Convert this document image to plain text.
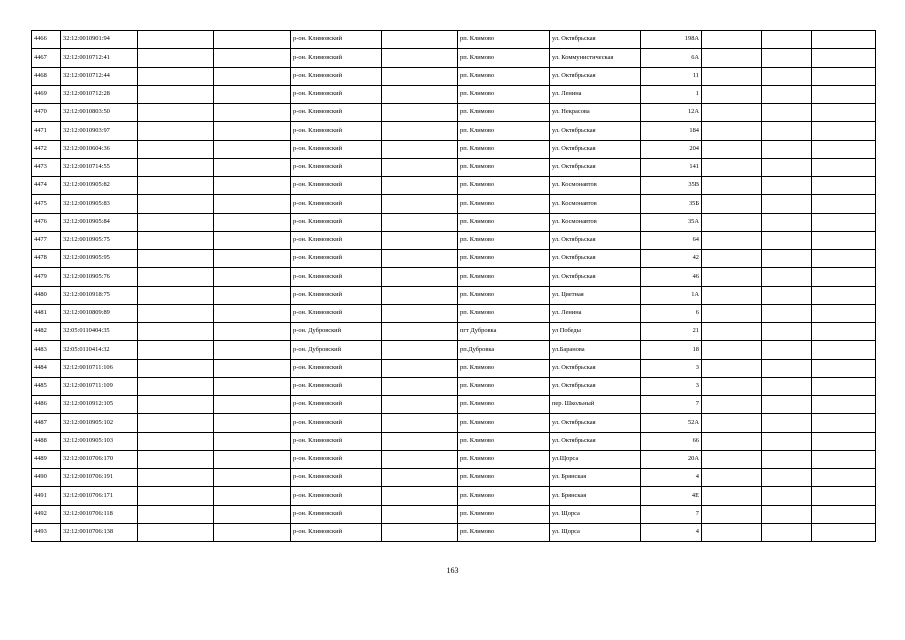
4466	32:12:0010901:94			р-он. Климовский		рп. Климово	ул. Октябрьская	198А			
4467	32:12:0010712:41			р-он. Климовский		рп. Климово	ул. Коммунистическая	6А			
4468	32:12:0010712:44			р-он. Климовский		рп. Климово	ул. Октябрьская	11			
4469	32:12:0010712:28			р-он. Климовский		рп. Климово	ул. Ленина	1			
4470	32:12:0010803:50			р-он. Климовский		рп. Климово	ул. Некрасова	12А			
4471	32:12:0010903:97			р-он. Климовский		рп. Климово	ул. Октябрьская	184			
4472	32:12:0010604:36			р-он. Климовский		рп. Климово	ул. Октябрьская	204			
4473	32:12:0010714:55			р-он. Климовский		рп. Климово	ул. Октябрьская	141			
4474	32:12:0010905:82			р-он. Климовский		рп. Климово	ул. Космонавтов	35В			
4475	32:12:0010905:83			р-он. Климовский		рп. Климово	ул. Космонавтов	35Б			
4476	32:12:0010905:84			р-он. Климовский		рп. Климово	ул. Космонавтов	35А			
4477	32:12:0010905:75			р-он. Климовский		рп. Климово	ул. Октябрьская	64			
4478	32:12:0010905:95			р-он. Климовский		рп. Климово	ул. Октябрьская	42			
4479	32:12:0010905:76			р-он. Климовский		рп. Климово	ул. Октябрьская	46			
4480	32:12:0010918:75			р-он. Климовский		рп. Климово	ул. Цветная	1А			
4481	32:12:0010809:89			р-он. Климовский		рп. Климово	ул. Ленина	6			
4482	32:05:0110404:35			р-он. Дубровский		пгт Дубровка	ул Победы	21			
4483	32:05:0110414:32			р-он. Дубровский		рп.Дубровка	ул.Баранова	18			
4484	32:12:0010711:106			р-он. Климовский		рп. Климово	ул. Октябрьская	3			
4485	32:12:0010711:109			р-он. Климовский		рп. Климово	ул. Октябрьская	3			
4486	32:12:0010912:105			р-он. Климовский		рп. Климово	пер. Школьный	7			
4487	32:12:0010905:102			р-он. Климовский		рп. Климово	ул. Октябрьская	52А			
4488	32:12:0010905:103			р-он. Климовский		рп. Климово	ул. Октябрьская	66			
4489	32:12:0010706:170			р-он. Климовский		рп. Климово	ул.Щорса	20А			
4490	32:12:0010706:191			р-он. Климовский		рп. Климово	ул. Брянская	4			
4491	32:12:0010706:171			р-он. Климовский		рп. Климово	ул. Брянская	4Е			
4492	32:12:0010706:118			р-он. Климовский		рп. Климово	ул. Щорса	7			
4493	32:12:0010706:138			р-он. Климовский		рп. Климово	ул. Щорса	4			
163
